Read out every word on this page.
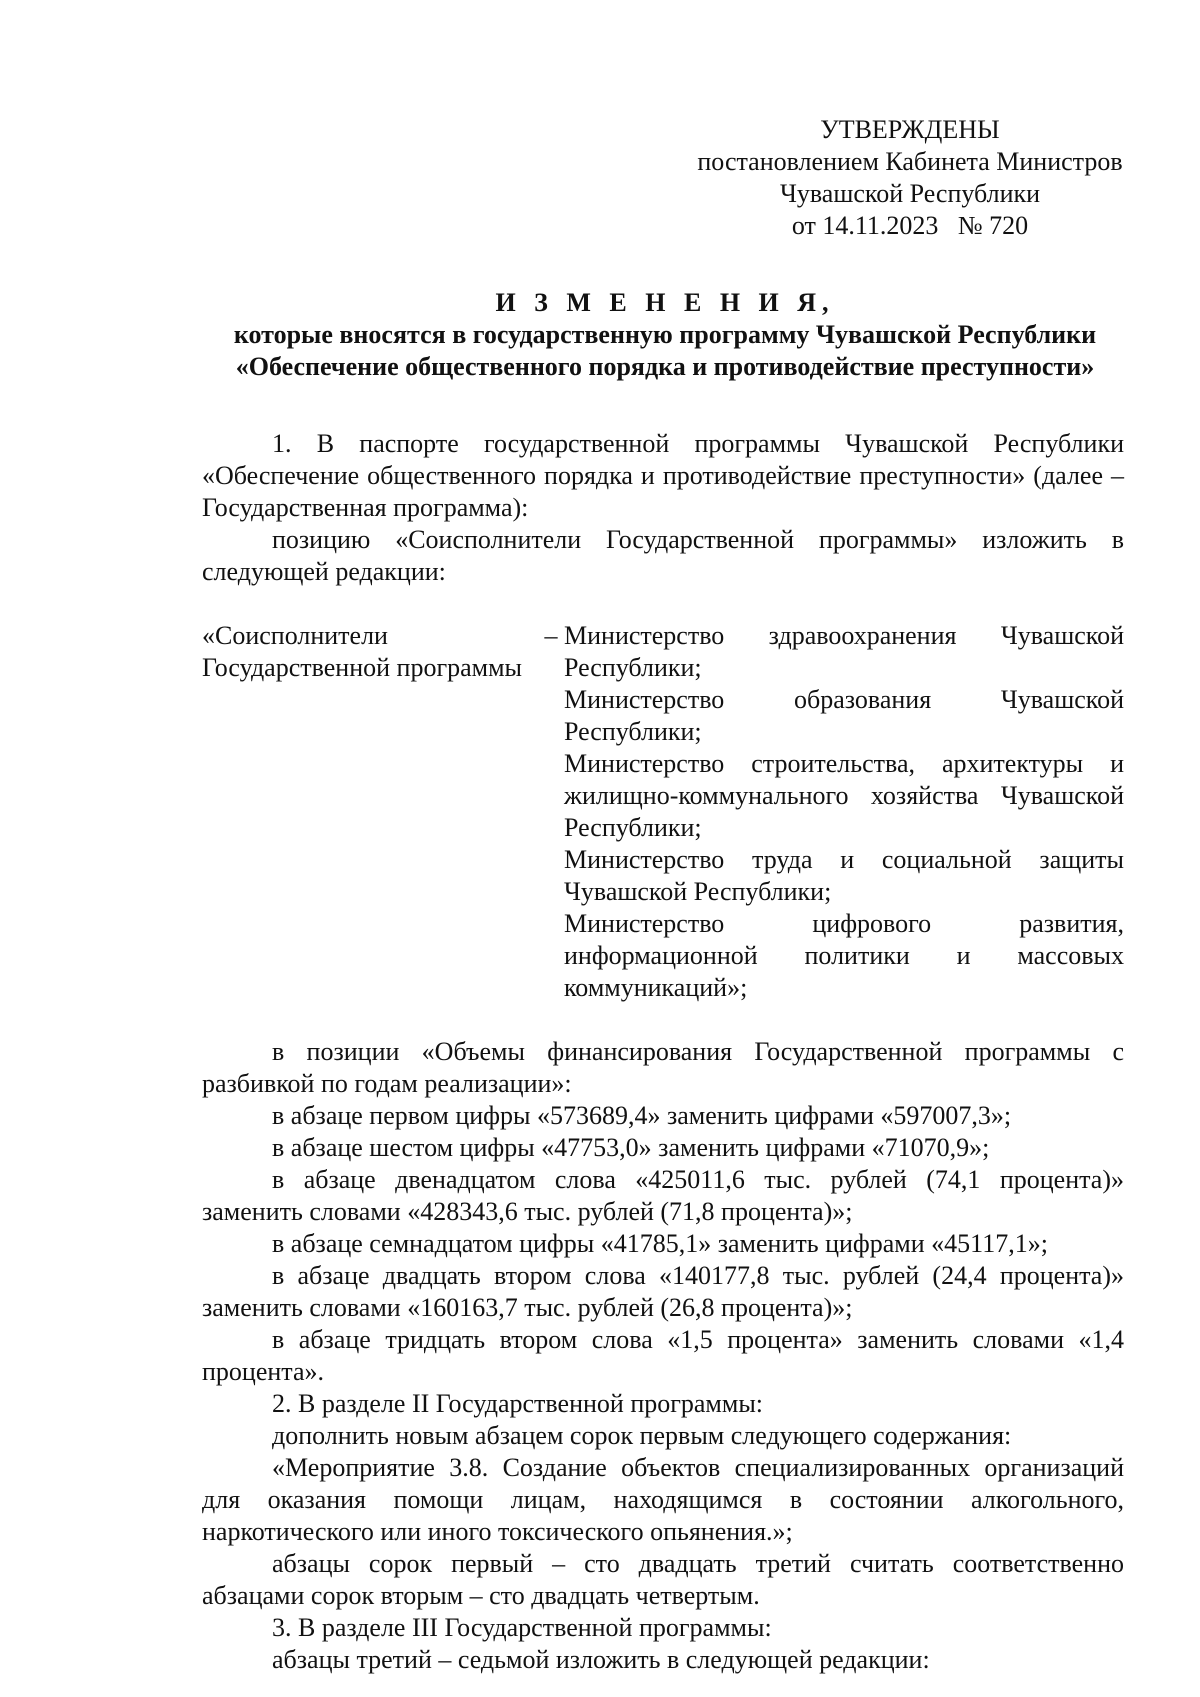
УТВЕРЖДЕНЫ
постановлением Кабинета Министров
Чувашской Республики
от 14.11.2023   № 720
И З М Е Н Е Н И Я,
которые вносятся в государственную программу Чувашской Республики
«Обеспечение общественного порядка и противодействие преступности»

1. В паспорте государственной программы Чувашской Республики «Обеспечение общественного порядка и противодействие преступности» (далее – Государственная программа):

позицию «Соисполнители Государственной программы» изложить в следующей редакции:

«Соисполнители Государственной программы
– Министерство здравоохранения Чувашской Республики;
Министерство образования Чувашской Республики;
Министерство строительства, архитектуры и жилищно-коммунального хозяйства Чувашской Республики;
Министерство труда и социальной защиты Чувашской Республики;
Министерство цифрового развития, информационной политики и массовых коммуникаций»;

в позиции «Объемы финансирования Государственной программы с разбивкой по годам реализации»:

в абзаце первом цифры «573689,4» заменить цифрами «597007,3»;

в абзаце шестом цифры «47753,0» заменить цифрами «71070,9»;

в абзаце двенадцатом слова «425011,6 тыс. рублей (74,1 процента)» заменить словами «428343,6 тыс. рублей (71,8 процента)»;

в абзаце семнадцатом цифры «41785,1» заменить цифрами «45117,1»;

в абзаце двадцать втором слова «140177,8 тыс. рублей (24,4 процента)» заменить словами «160163,7 тыс. рублей (26,8 процента)»;

в абзаце тридцать втором слова «1,5 процента» заменить словами «1,4 процента».

2. В разделе II Государственной программы:

дополнить новым абзацем сорок первым следующего содержания:

«Мероприятие 3.8. Создание объектов специализированных организаций для оказания помощи лицам, находящимся в состоянии алкогольного, наркотического или иного токсического опьянения.»;

абзацы сорок первый – сто двадцать третий считать соответственно абзацами сорок вторым – сто двадцать четвертым.

3. В разделе III Государственной программы:

абзацы третий – седьмой изложить в следующей редакции:
